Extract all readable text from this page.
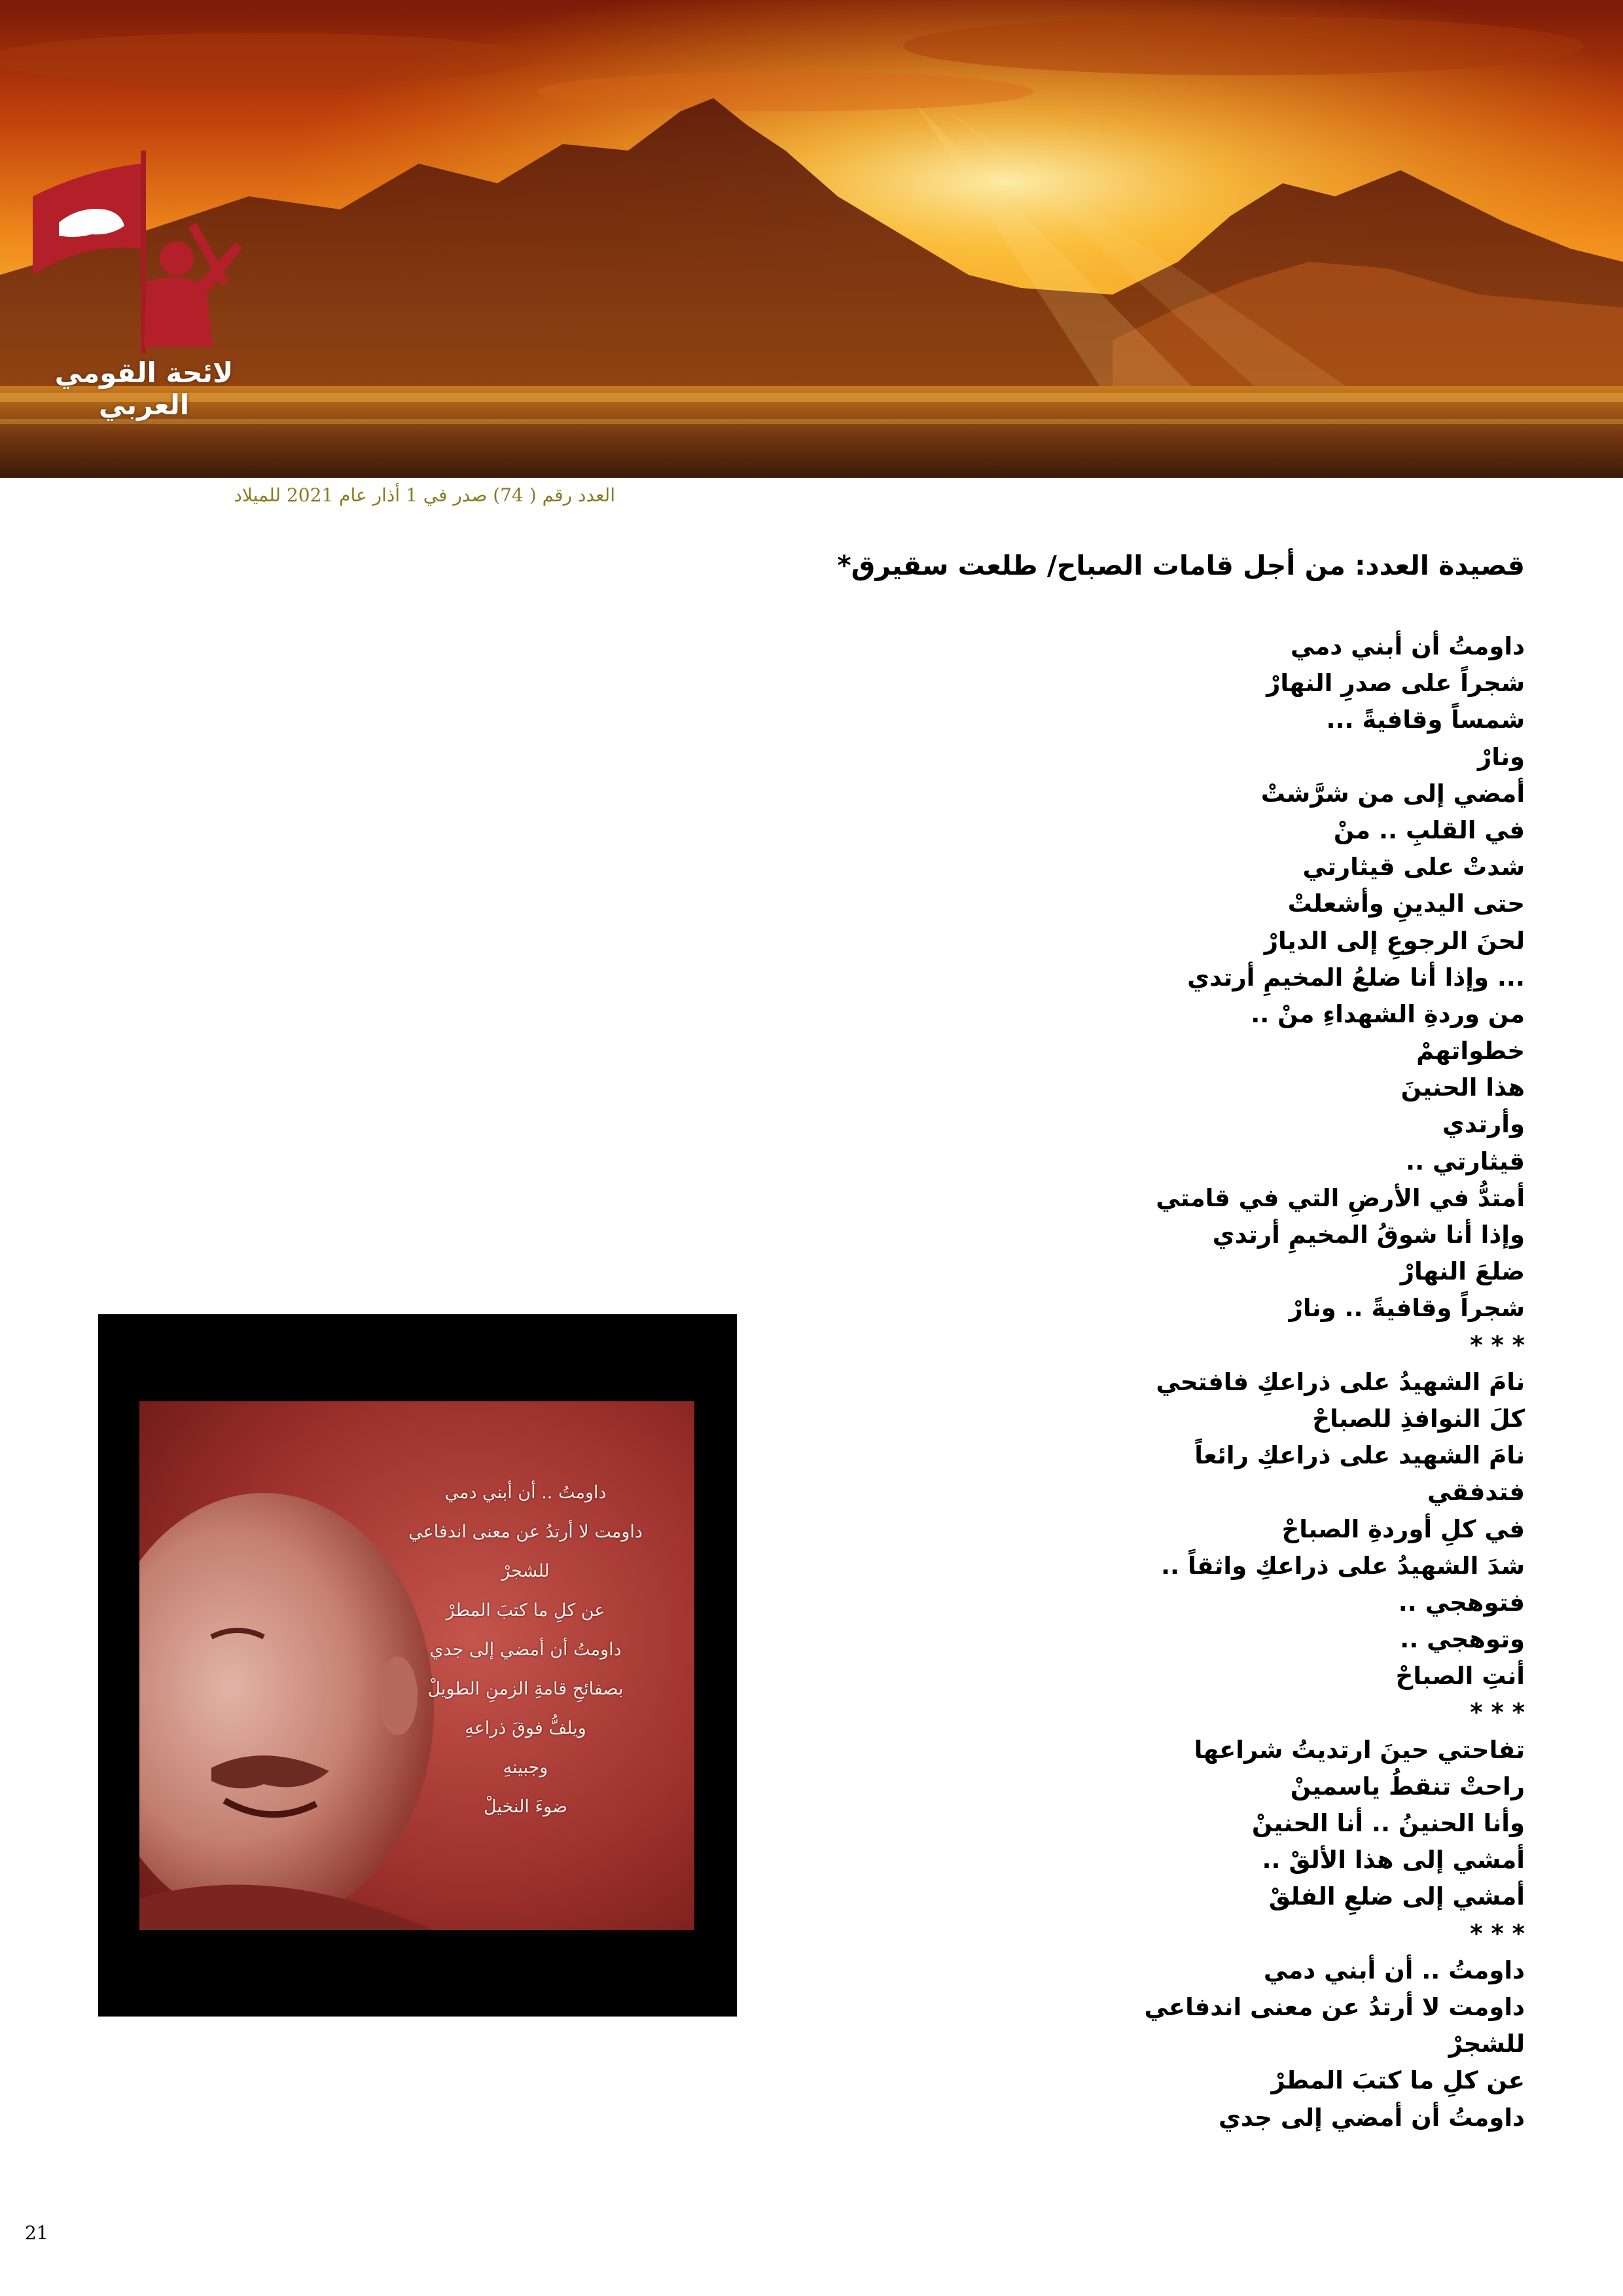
لائحة القومي العربي
العدد رقم ( 74) صدر في 1 أذار عام 2021 للميلاد
قصيدة العدد: من أجل قامات الصباح/ طلعت سقيرق*
داومتُ أن أبني دمي
شجراً على صدرِ النهارْ
شمساً وقافيةً ...
ونارْ
أمضي إلى من شرَّشتْ
في القلبِ .. منْ
شدتْ على قيثارتي
حتى اليدينِ وأشعلتْ
لحنَ الرجوعِ إلى الديارْ
... وإذا أنا ضلعُ المخيمِ أرتدي
من وردةِ الشهداءِ منْ ..
خطواتهمْ
هذا الحنينَ
وأرتدي
قيثارتي ..
أمتدُّ في الأرضِ التي في قامتي
وإذا أنا شوقُ المخيمِ أرتدي
ضلعَ النهارْ
شجراً وقافيةً .. ونارْ
* * *
نامَ الشهيدُ على ذراعكِ فافتحي
كلَ النوافذِ للصباحْ
نامَ الشهيد على ذراعكِ رائعاً
فتدفقي
في كلِ أوردةِ الصباحْ
شدَ الشهيدُ على ذراعكِ واثقاً ..
فتوهجي ..
وتوهجي ..
أنتِ الصباحْ
* * *
تفاحتي حينَ ارتديتُ شراعها
راحتْ تنقطُ ياسمينْ
وأنا الحنينُ .. أنا الحنينْ
أمشي إلى هذا الألقْ ..
أمشي إلى ضلعِ الفلقْ
* * *
داومتُ .. أن أبني دمي
داومت لا أرتدُ عن معنى اندفاعي
للشجرْ
عن كلِ ما كتبَ المطرْ
داومتُ أن أمضي إلى جدي
داومتُ .. أن أبني دمي
داومت لا أرتدُ عن معنى اندفاعي
للشجرْ
عن كلِ ما كتبَ المطرْ
داومتُ أن أمضي إلى جدي
بصفائحِ قامةِ الزمنِ الطويلْ
ويلفُّ فوقَ ذراعهِ
وجبينهِ
ضوءَ النخيلْ
21
